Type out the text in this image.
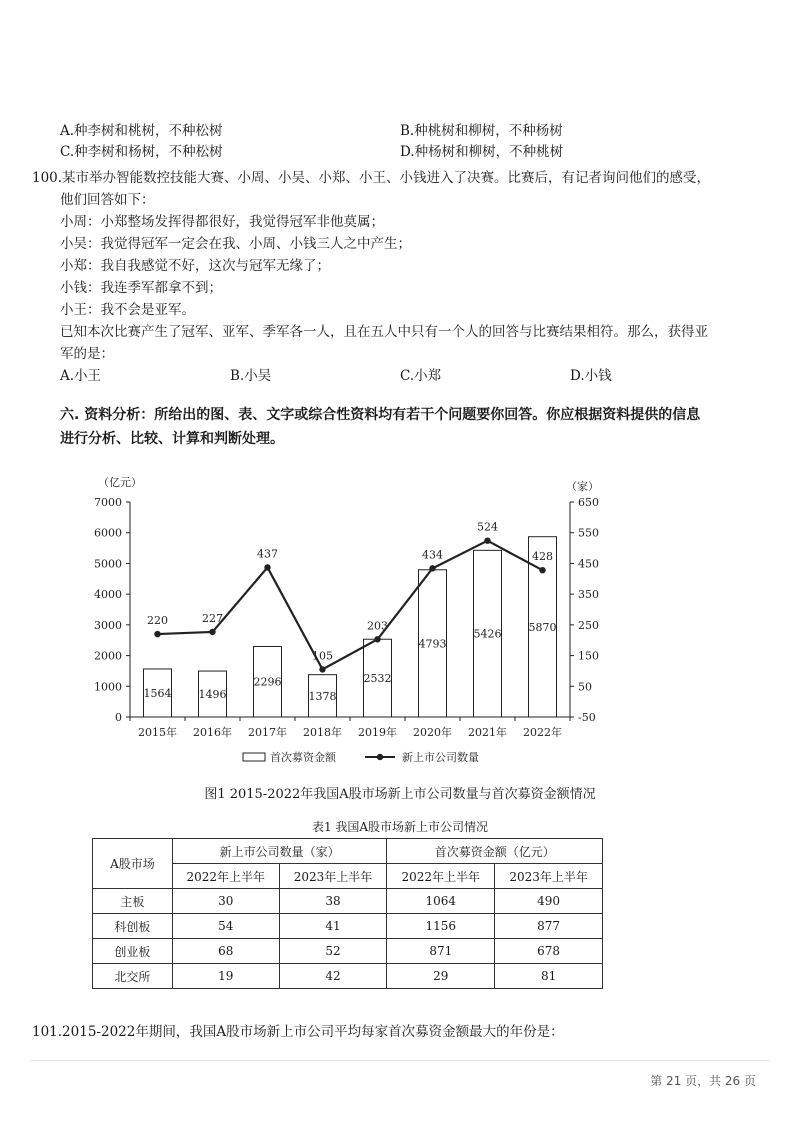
A.种李树和桃树，不种松树	B.种桃树和柳树，不种杨树
C.种李树和杨树，不种松树	D.种杨树和柳树，不种桃树
100.某市举办智能数控技能大赛、小周、小吴、小郑、小王、小钱进入了决赛。比赛后，有记者询问他们的感受，
他们回答如下：
小周：小郑整场发挥得都很好，我觉得冠军非他莫属；
小吴：我觉得冠军一定会在我、小周、小钱三人之中产生；
小郑：我自我感觉不好，这次与冠军无缘了；
小钱：我连季军都拿不到；
小王：我不会是亚军。
已知本次比赛产生了冠军、亚军、季军各一人，且在五人中只有一个人的回答与比赛结果相符。那么，获得亚
军的是：
A.小王	B.小吴	C.小郑	D.小钱
六. 资料分析：所给出的图、表、文字或综合性资料均有若干个问题要你回答。你应根据资料提供的信息
进行分析、比较、计算和判断处理。
（亿元）	（家）
0
1000
2000
3000
4000
5000
6000
7000
-50
50
150
250
350
450
550
650
2015年 2016年 2017年 2018年 2019年 2020年 2021年 2022年
1564 1496
2296
1378
2532
4793
5426
5870
220	227
437
105
203
434
524
428
首次募资金额	新上市公司数量
图1 2015-2022年我国A股市场新上市公司数量与首次募资金额情况
表1 我国A股市场新上市公司情况
A股市场	新上市公司数量（家）		首次募资金额（亿元）	
	2022年上半年	2023年上半年	2022年上半年	2023年上半年
主板	30	38	1064	490
科创板	54	41	1156	877
创业板	68	52	871	678
北交所	19	42	29	81
101.2015-2022年期间，我国A股市场新上市公司平均每家首次募资金额最大的年份是：
第 21 页，共 26 页
